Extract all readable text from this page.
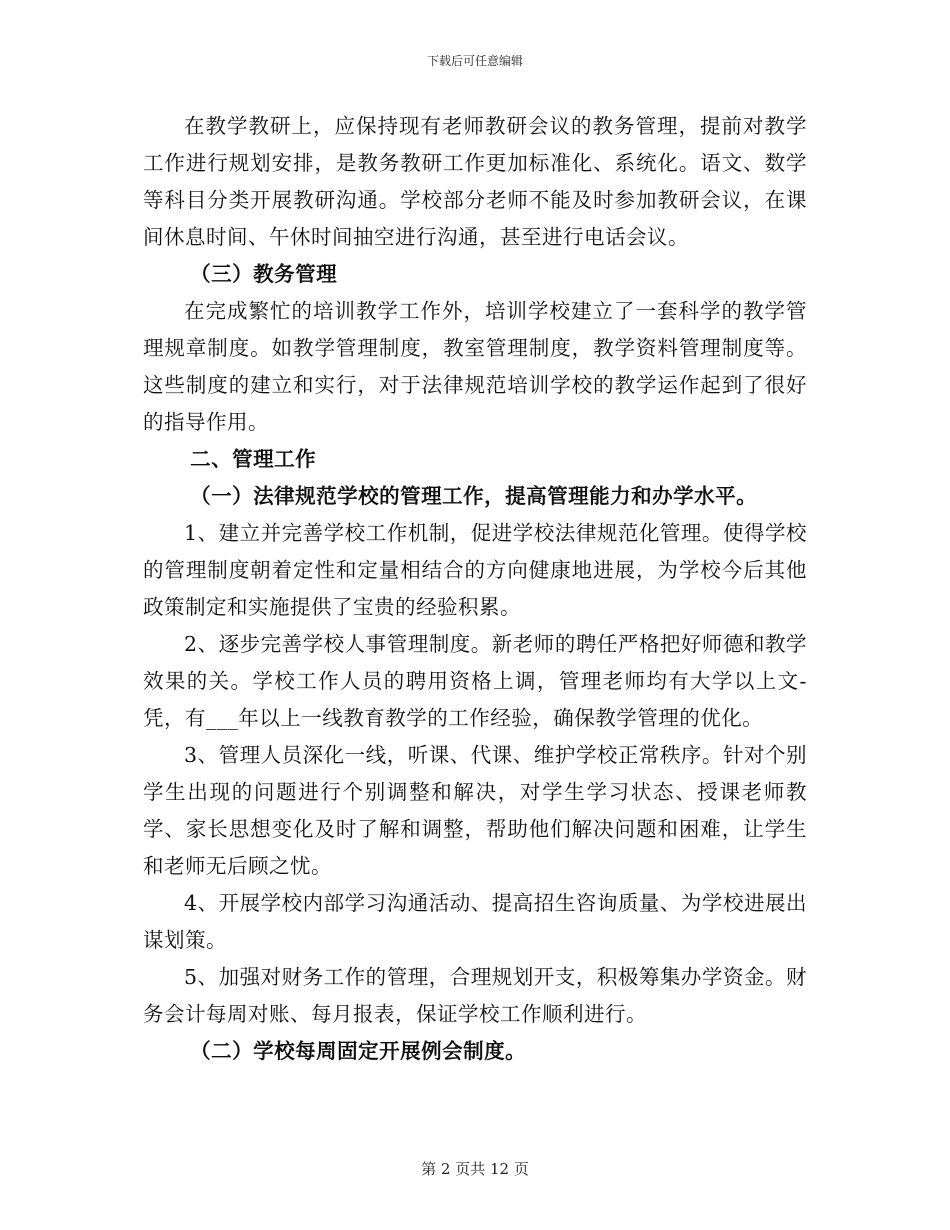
下载后可任意编辑

在教学教研上，应保持现有老师教研会议的教务管理，提前对教学工作进行规划安排，是教务教研工作更加标准化、系统化。语文、数学等科目分类开展教研沟通。学校部分老师不能及时参加教研会议，在课间休息时间、午休时间抽空进行沟通，甚至进行电话会议。

（三）教务管理

在完成繁忙的培训教学工作外，培训学校建立了一套科学的教学管理规章制度。如教学管理制度，教室管理制度，教学资料管理制度等。这些制度的建立和实行，对于法律规范培训学校的教学运作起到了很好的指导作用。

二、管理工作

（一）法律规范学校的管理工作，提高管理能力和办学水平。

1、建立并完善学校工作机制，促进学校法律规范化管理。使得学校的管理制度朝着定性和定量相结合的方向健康地进展，为学校今后其他政策制定和实施提供了宝贵的经验积累。

2、逐步完善学校人事管理制度。新老师的聘任严格把好师德和教学效果的关。学校工作人员的聘用资格上调，管理老师均有大学以上文-凭，有___年以上一线教育教学的工作经验，确保教学管理的优化。

3、管理人员深化一线，听课、代课、维护学校正常秩序。针对个别学生出现的问题进行个别调整和解决，对学生学习状态、授课老师教学、家长思想变化及时了解和调整，帮助他们解决问题和困难，让学生和老师无后顾之忧。

4、开展学校内部学习沟通活动、提高招生咨询质量、为学校进展出谋划策。

5、加强对财务工作的管理，合理规划开支，积极筹集办学资金。财务会计每周对账、每月报表，保证学校工作顺利进行。

（二）学校每周固定开展例会制度。

第 2 页共 12 页
